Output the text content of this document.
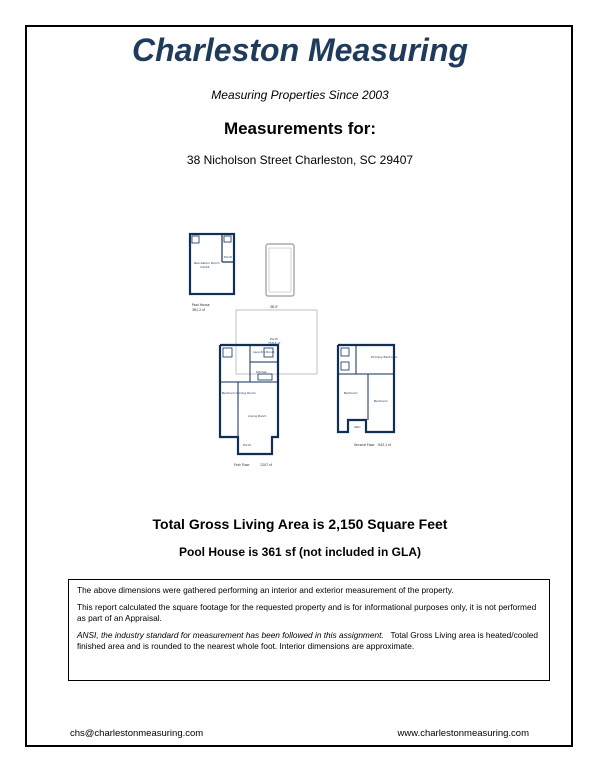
Charleston Measuring
Measuring Properties Since 2003
Measurements for:
38 Nicholson Street Charleston, SC 29407
Recreation Room
14x16
Porch
Pool House
361.2 sf
38.5'
Porch
758.4 sf
Laundry Room
Kitchen
Bedroom Dining Room
Living Room
Porch
First Floor	1207 sf
Primary Bedroom
Bedroom
Bedroom
Attic
Second Floor 943.1 sf
Total Gross Living Area is 2,150 Square Feet
Pool House is 361 sf (not included in GLA)

The above dimensions were gathered performing an interior and exterior measurement of the property.

This report calculated the square footage for the requested property and is for informational purposes only, it is not performed as part of an Appraisal.

ANSI, the industry standard for measurement has been followed in this assignment. Total Gross Living area is heated/cooled finished area and is rounded to the nearest whole foot. Interior dimensions are approximate.

chs@charlestonmeasuring.com	www.charlestonmeasuring.com
